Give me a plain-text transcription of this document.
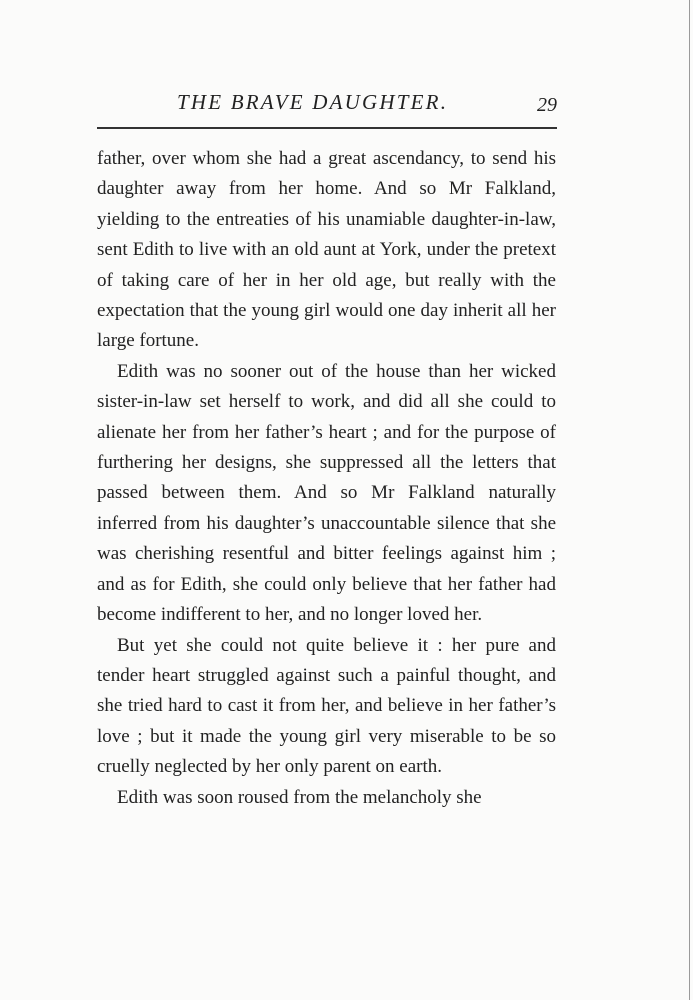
THE BRAVE DAUGHTER.	29

father, over whom she had a great ascendancy, to send his daughter away from her home. And so Mr Falkland, yielding to the entreaties of his unamiable daughter-in-law, sent Edith to live with an old aunt at York, under the pretext of taking care of her in her old age, but really with the expectation that the young girl would one day inherit all her large fortune.

Edith was no sooner out of the house than her wicked sister-in-law set herself to work, and did all she could to alienate her from her father’s heart ; and for the purpose of furthering her designs, she suppressed all the letters that passed between them. And so Mr Falkland naturally inferred from his daughter’s unaccountable silence that she was cherishing resentful and bitter feelings against him ; and as for Edith, she could only believe that her father had become indifferent to her, and no longer loved her.

But yet she could not quite believe it : her pure and tender heart struggled against such a painful thought, and she tried hard to cast it from her, and believe in her father’s love ; but it made the young girl very miserable to be so cruelly neglected by her only parent on earth.

Edith was soon roused from the melancholy she
